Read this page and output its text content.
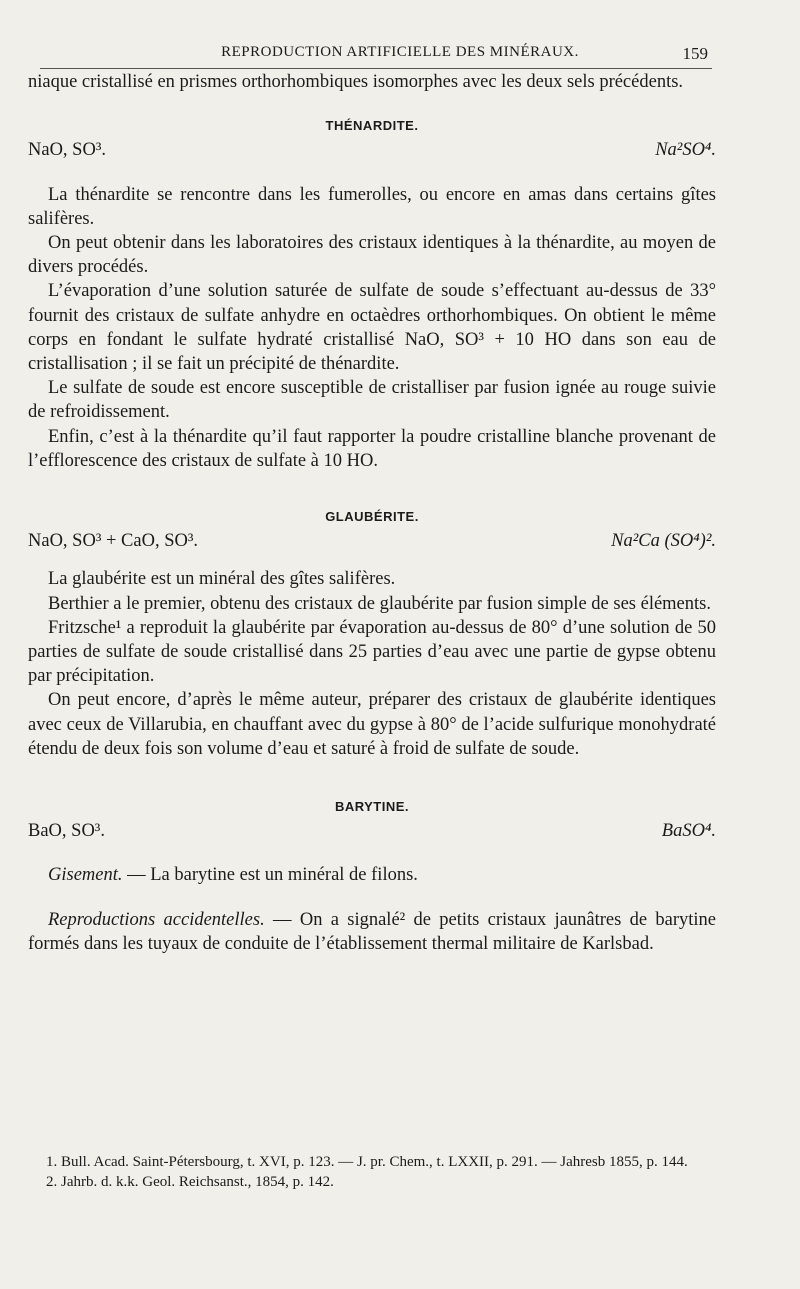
REPRODUCTION ARTIFICIELLE DES MINÉRAUX.	159

niaque cristallisé en prismes orthorhombiques isomorphes avec les deux sels précédents.

THÉNARDITE.
NaO, SO³.	Na²SO⁴.

La thénardite se rencontre dans les fumerolles, ou encore en amas dans certains gîtes salifères.

On peut obtenir dans les laboratoires des cristaux identiques à la thénardite, au moyen de divers procédés.

L’évaporation d’une solution saturée de sulfate de soude s’effectuant au-dessus de 33° fournit des cristaux de sulfate anhydre en octaèdres orthorhombiques. On obtient le même corps en fondant le sulfate hydraté cristallisé NaO, SO³ + 10 HO dans son eau de cristallisation ; il se fait un précipité de thénardite.

Le sulfate de soude est encore susceptible de cristalliser par fusion ignée au rouge suivie de refroidissement.

Enfin, c’est à la thénardite qu’il faut rapporter la poudre cristalline blanche provenant de l’efflorescence des cristaux de sulfate à 10 HO.

GLAUBÉRITE.
NaO, SO³ + CaO, SO³.	Na²Ca (SO⁴)².

La glaubérite est un minéral des gîtes salifères.

Berthier a le premier, obtenu des cristaux de glaubérite par fusion simple de ses éléments.

Fritzsche¹ a reproduit la glaubérite par évaporation au-dessus de 80° d’une solution de 50 parties de sulfate de soude cristallisé dans 25 parties d’eau avec une partie de gypse obtenu par précipitation.

On peut encore, d’après le même auteur, préparer des cristaux de glaubérite identiques avec ceux de Villarubia, en chauffant avec du gypse à 80° de l’acide sulfurique monohydraté étendu de deux fois son volume d’eau et saturé à froid de sulfate de soude.

BARYTINE.
BaO, SO³.	BaSO⁴.

Gisement. — La barytine est un minéral de filons.

Reproductions accidentelles. — On a signalé² de petits cristaux jaunâtres de barytine formés dans les tuyaux de conduite de l’établissement thermal militaire de Karlsbad.

1. Bull. Acad. Saint-Pétersbourg, t. XVI, p. 123. — J. pr. Chem., t. LXXII, p. 291. — Jahresb 1855, p. 144.

2. Jahrb. d. k.k. Geol. Reichsanst., 1854, p. 142.
